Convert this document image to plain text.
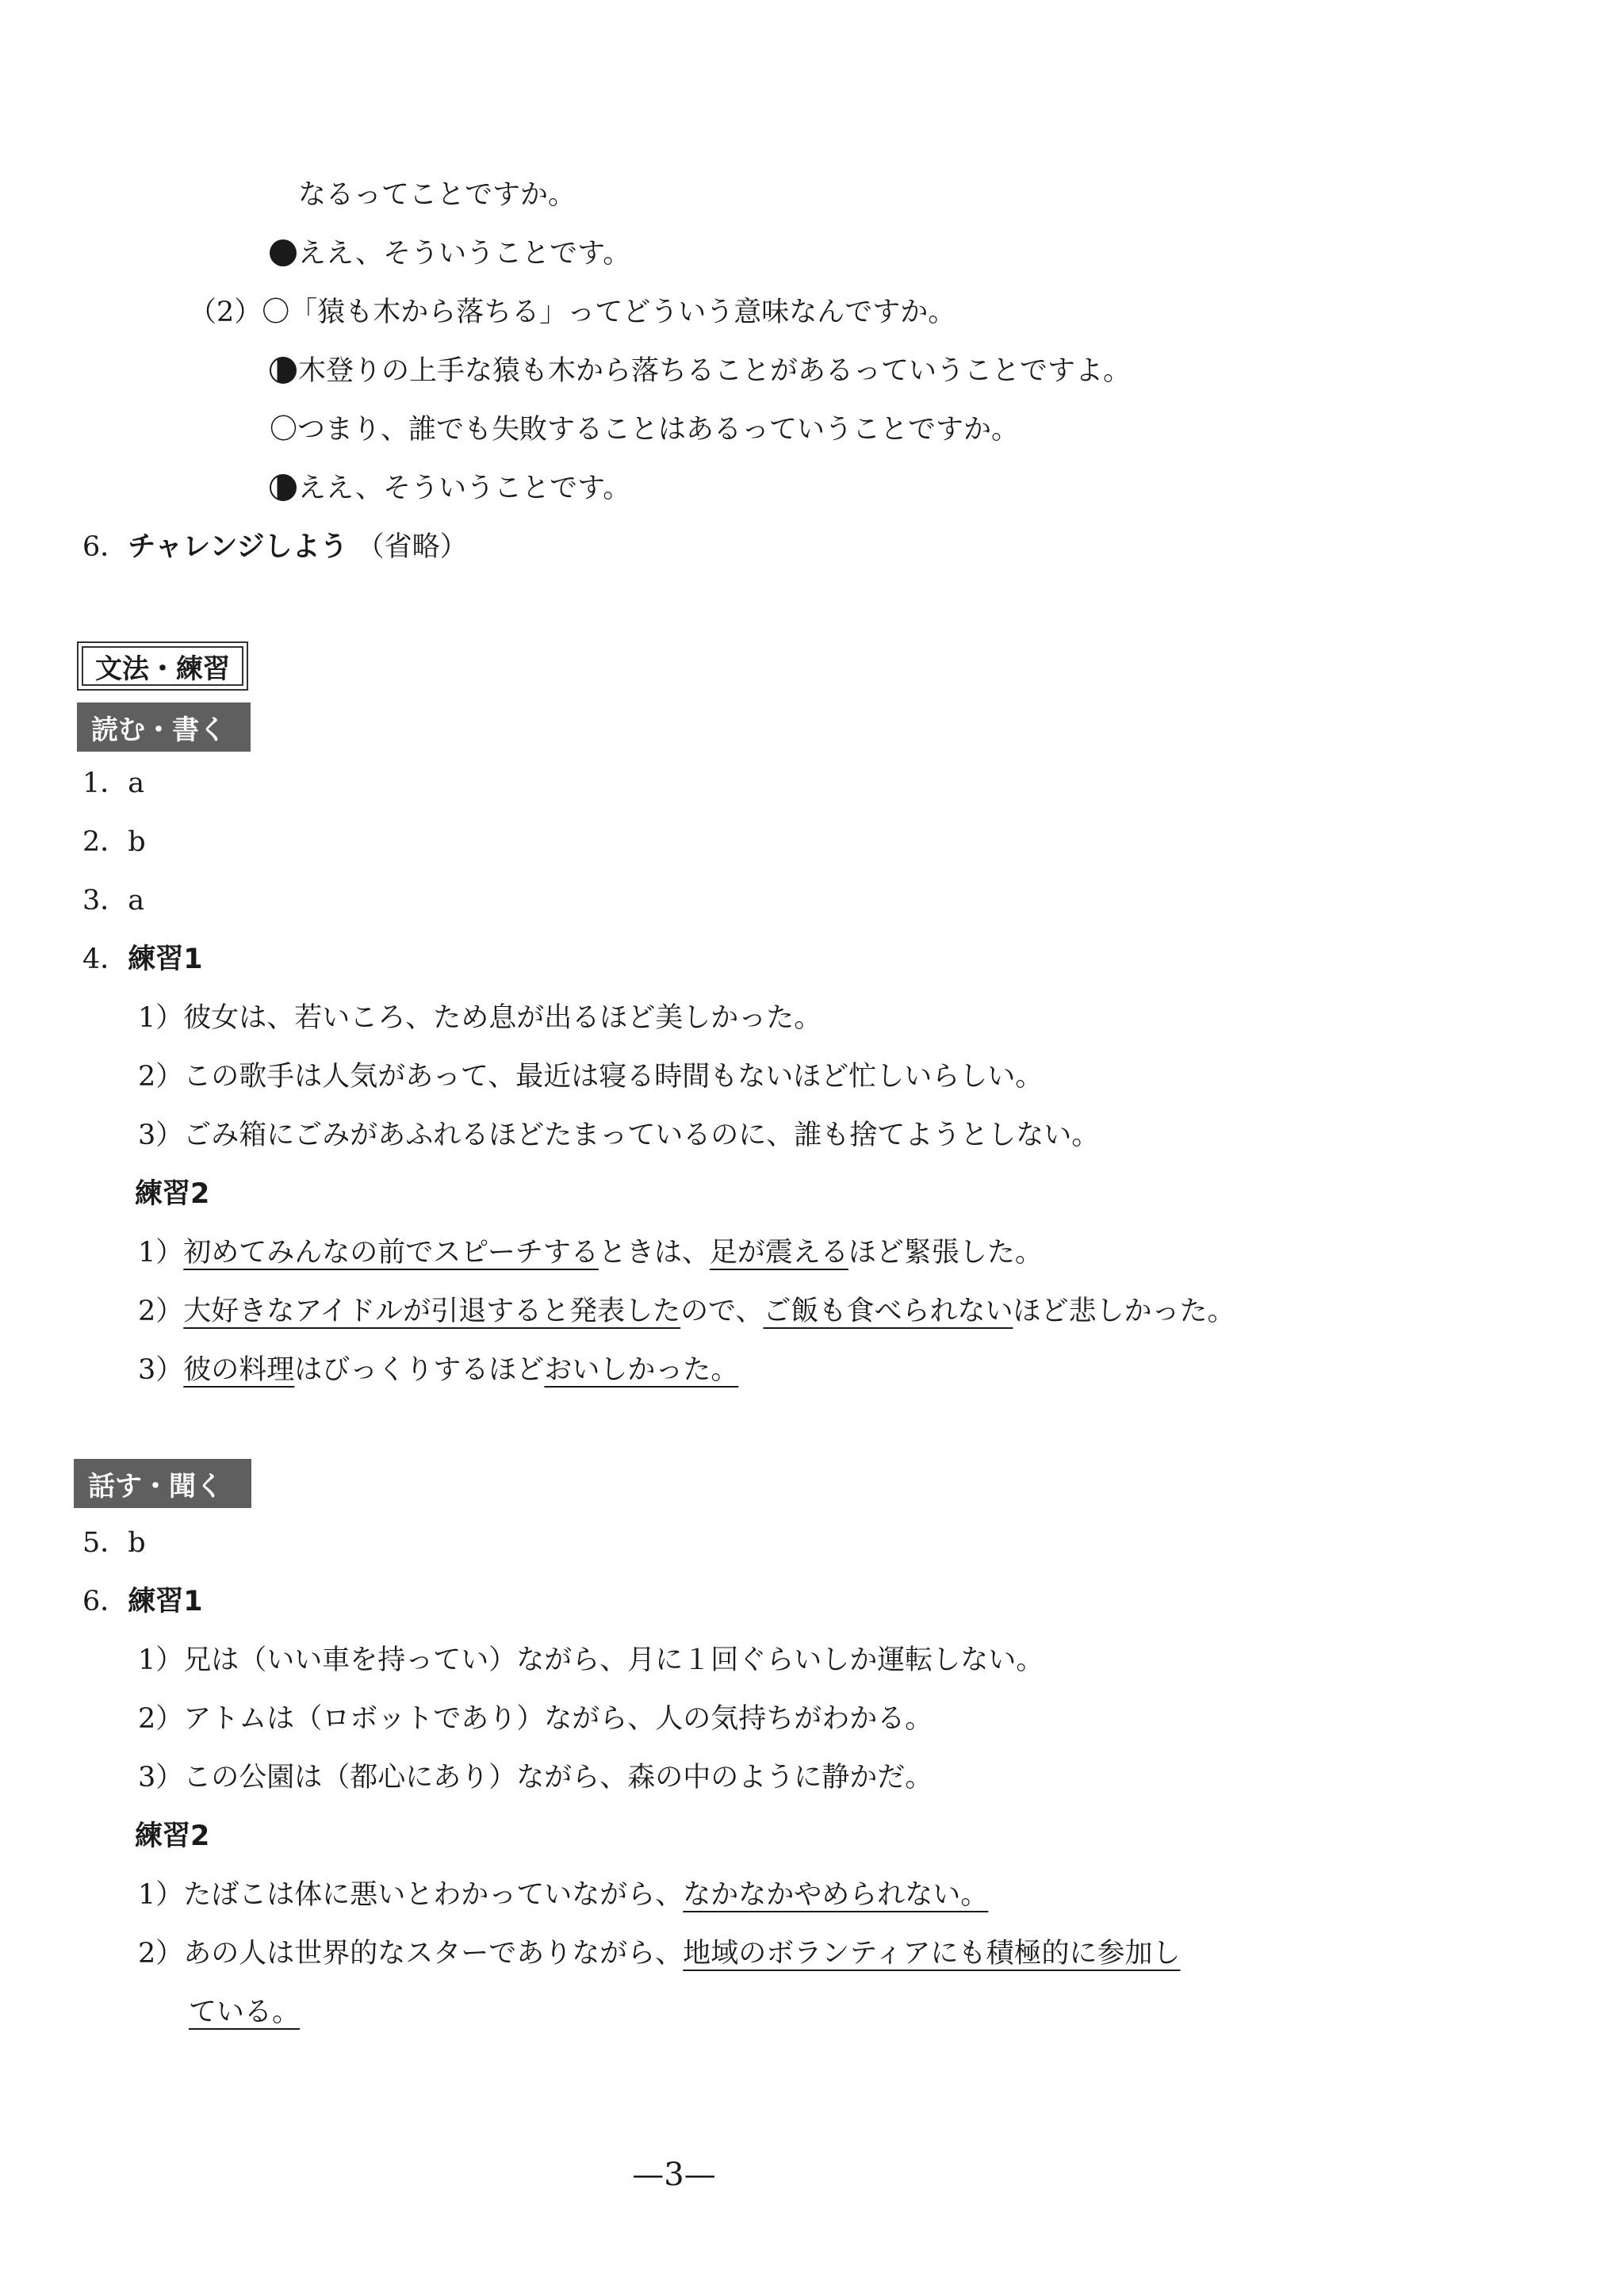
なるってことですか。
ええ、そういうことです。
（2）〇「猿も木から落ちる」ってどういう意味なんですか。
木登りの上手な猿も木から落ちることがあるっていうことですよ。
〇つまり、誰でも失敗することはあるっていうことですか。
ええ、そういうことです。
6．チャレンジしよう （省略）
文法・練習
読む・書く
1．a
2．b
3．a
4．練習1
1）彼女は、若いころ、ため息が出るほど美しかった。
2）この歌手は人気があって、最近は寝る時間もないほど忙しいらしい。
3）ごみ箱にごみがあふれるほどたまっているのに、誰も捨てようとしない。
練習2
1）初めてみんなの前でスピーチするときは、足が震えるほど緊張した。
2）大好きなアイドルが引退すると発表したので、ご飯も食べられないほど悲しかった。
3）彼の料理はびっくりするほどおいしかった。
話す・聞く
5．b
6．練習1
1）兄は（いい車を持ってい）ながら、月に１回ぐらいしか運転しない。
2）アトムは（ロボットであり）ながら、人の気持ちがわかる。
3）この公園は（都心にあり）ながら、森の中のように静かだ。
練習2
1）たばこは体に悪いとわかっていながら、なかなかやめられない。
2）あの人は世界的なスターでありながら、地域のボランティアにも積極的に参加し
ている。
—3—
